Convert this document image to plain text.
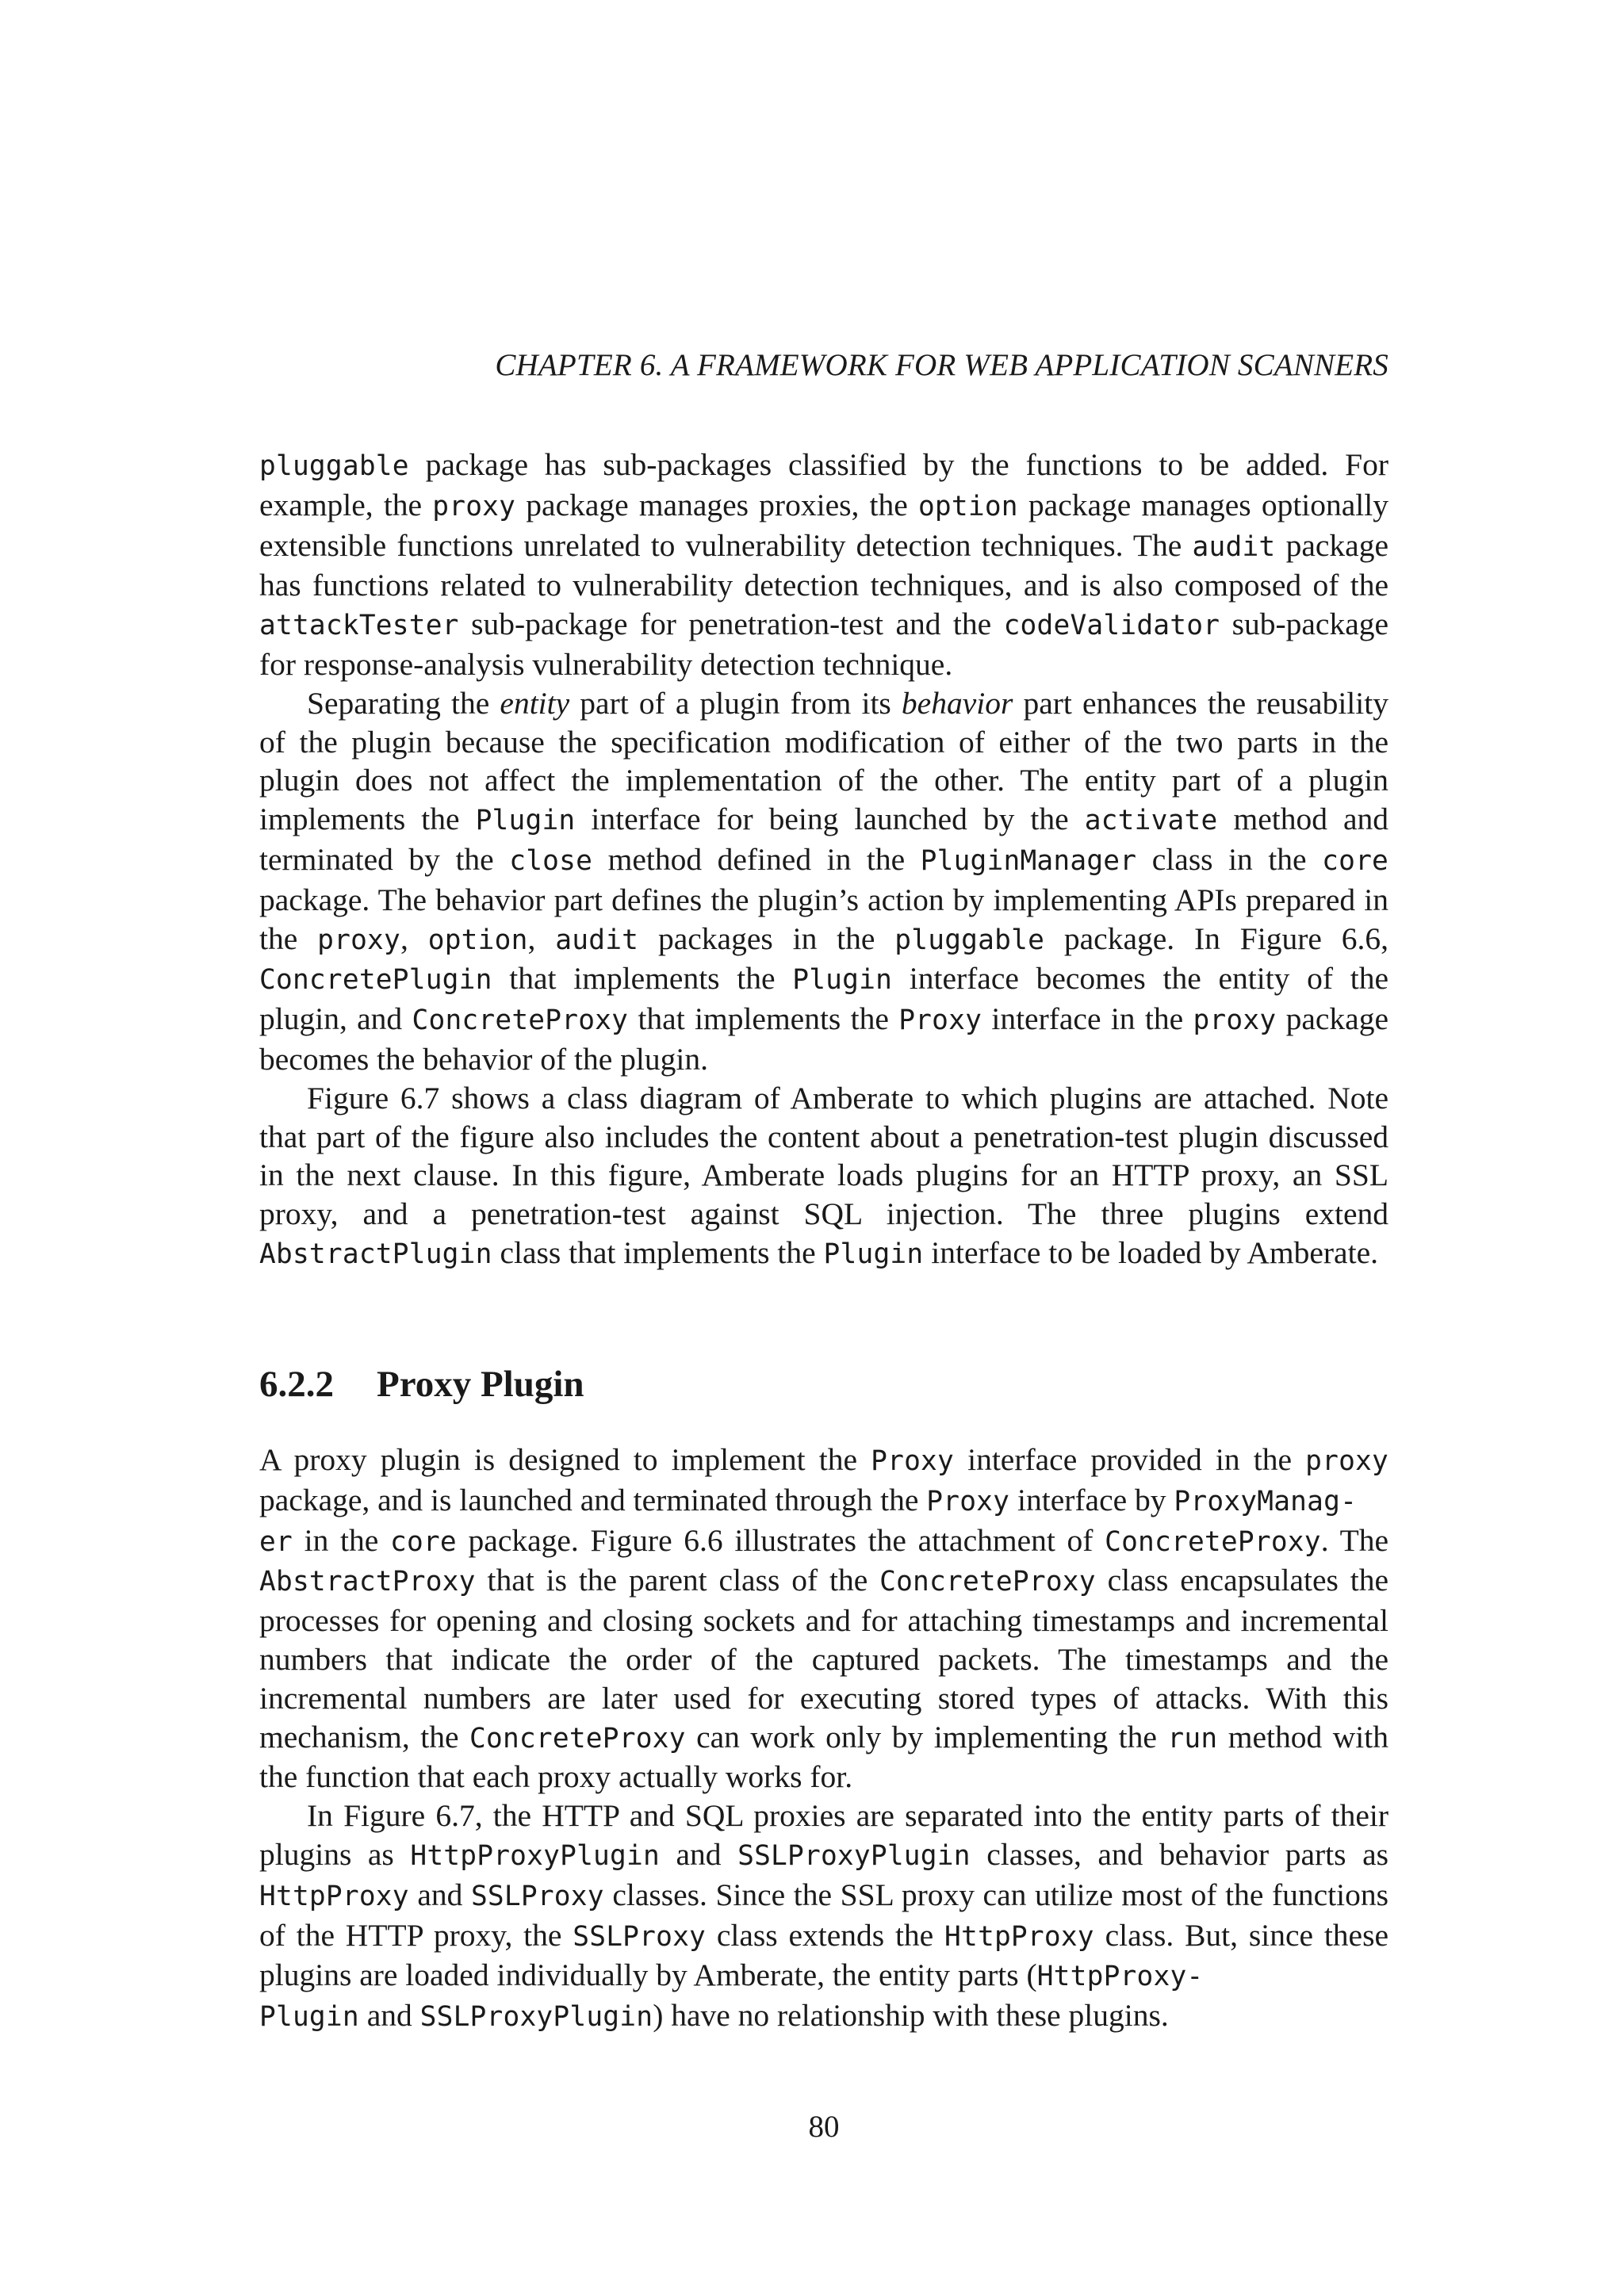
CHAPTER 6. A FRAMEWORK FOR WEB APPLICATION SCANNERS

pluggable package has sub-packages classified by the functions to be added. For example, the proxy package manages proxies, the option package manages optionally extensible functions unrelated to vulnerability detection techniques. The audit package has functions related to vulnerability detection techniques, and is also composed of the attackTester sub-package for penetration-test and the codeValidator sub-package for response-analysis vulnerability detection technique.

Separating the entity part of a plugin from its behavior part enhances the reusability of the plugin because the specification modification of either of the two parts in the plugin does not affect the implementation of the other. The entity part of a plugin implements the Plugin interface for being launched by the activate method and terminated by the close method defined in the PluginManager class in the core package. The behavior part defines the plugin’s action by implementing APIs prepared in the proxy, option, audit packages in the pluggable package. In Figure 6.6, ConcretePlugin that implements the Plugin interface becomes the entity of the plugin, and ConcreteProxy that implements the Proxy interface in the proxy package becomes the behavior of the plugin.

Figure 6.7 shows a class diagram of Amberate to which plugins are attached. Note that part of the figure also includes the content about a penetration-test plugin discussed in the next clause. In this figure, Amberate loads plugins for an HTTP proxy, an SSL proxy, and a penetration-test against SQL injection. The three plugins extend AbstractPlugin class that implements the Plugin interface to be loaded by Amberate.

6.2.2 Proxy Plugin

A proxy plugin is designed to implement the Proxy interface provided in the proxy package, and is launched and terminated through the Proxy interface by ProxyManag-
er in the core package. Figure 6.6 illustrates the attachment of ConcreteProxy. The AbstractProxy that is the parent class of the ConcreteProxy class encapsulates the processes for opening and closing sockets and for attaching timestamps and incremental numbers that indicate the order of the captured packets. The timestamps and the incremental numbers are later used for executing stored types of attacks. With this mechanism, the ConcreteProxy can work only by implementing the run method with the function that each proxy actually works for.

In Figure 6.7, the HTTP and SQL proxies are separated into the entity parts of their plugins as HttpProxyPlugin and SSLProxyPlugin classes, and behavior parts as HttpProxy and SSLProxy classes. Since the SSL proxy can utilize most of the functions of the HTTP proxy, the SSLProxy class extends the HttpProxy class. But, since these plugins are loaded individually by Amberate, the entity parts (HttpProxy-
Plugin and SSLProxyPlugin) have no relationship with these plugins.

80
